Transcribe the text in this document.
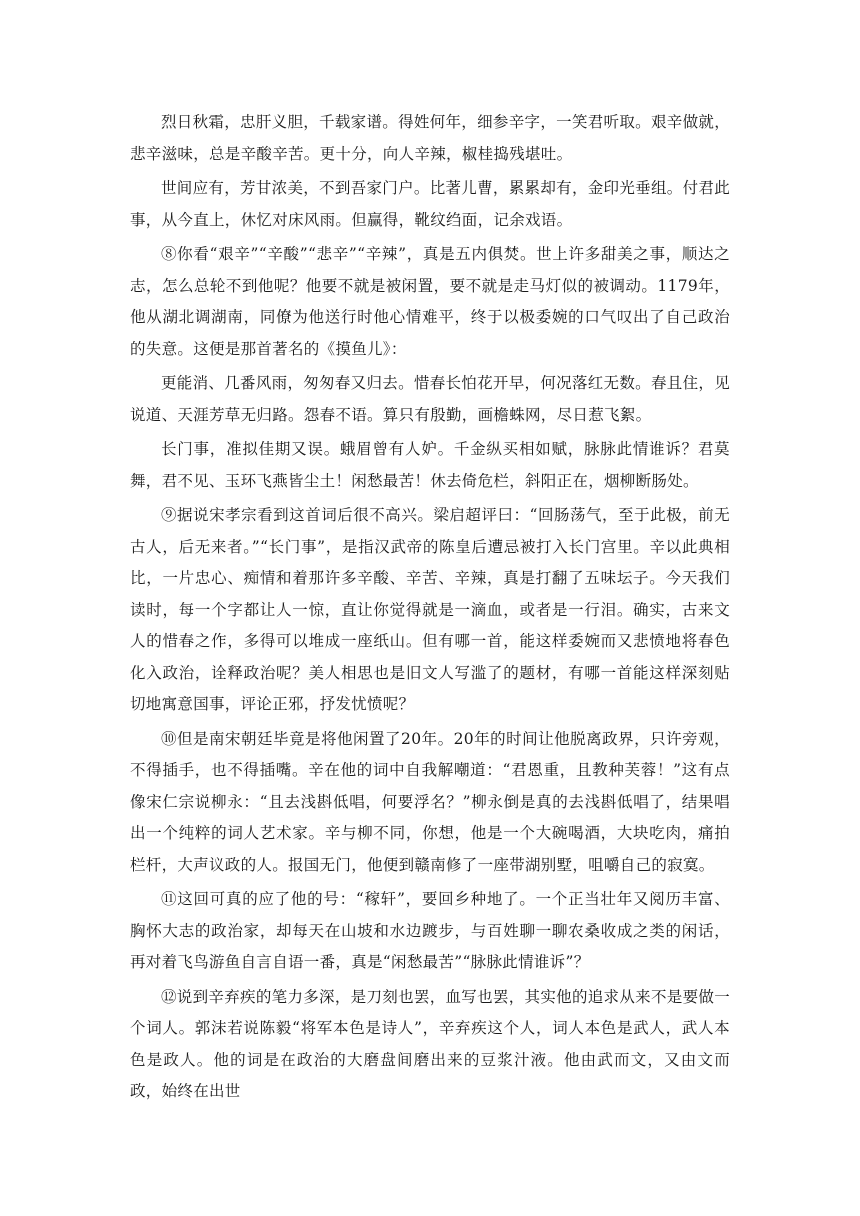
烈日秋霜，忠肝义胆，千载家谱。得姓何年，细参辛字，一笑君听取。艰辛做就，悲辛滋味，总是辛酸辛苦。更十分，向人辛辣，椒桂捣残堪吐。

世间应有，芳甘浓美，不到吾家门户。比著儿曹，累累却有，金印光垂组。付君此事，从今直上，休忆对床风雨。但赢得，靴纹绉面，记余戏语。

⑧你看“艰辛”“辛酸”“悲辛”“辛辣”，真是五内俱焚。世上许多甜美之事，顺达之志，怎么总轮不到他呢？他要不就是被闲置，要不就是走马灯似的被调动。1179年，他从湖北调湖南，同僚为他送行时他心情难平，终于以极委婉的口气叹出了自己政治的失意。这便是那首著名的《摸鱼儿》：

更能消、几番风雨，匆匆春又归去。惜春长怕花开早，何况落红无数。春且住，见说道、天涯芳草无归路。怨春不语。算只有殷勤，画檐蛛网，尽日惹飞絮。

长门事，准拟佳期又误。蛾眉曾有人妒。千金纵买相如赋，脉脉此情谁诉？君莫舞，君不见、玉环飞燕皆尘土！闲愁最苦！休去倚危栏，斜阳正在，烟柳断肠处。

⑨据说宋孝宗看到这首词后很不高兴。梁启超评曰：“回肠荡气，至于此极，前无古人，后无来者。”“长门事”，是指汉武帝的陈皇后遭忌被打入长门宫里。辛以此典相比，一片忠心、痴情和着那许多辛酸、辛苦、辛辣，真是打翻了五味坛子。今天我们读时，每一个字都让人一惊，直让你觉得就是一滴血，或者是一行泪。确实，古来文人的惜春之作，多得可以堆成一座纸山。但有哪一首，能这样委婉而又悲愤地将春色化入政治，诠释政治呢？美人相思也是旧文人写滥了的题材，有哪一首能这样深刻贴切地寓意国事，评论正邪，抒发忧愤呢？

⑩但是南宋朝廷毕竟是将他闲置了20年。20年的时间让他脱离政界，只许旁观，不得插手，也不得插嘴。辛在他的词中自我解嘲道：“君恩重，且教种芙蓉！”这有点像宋仁宗说柳永：“且去浅斟低唱，何要浮名？”柳永倒是真的去浅斟低唱了，结果唱出一个纯粹的词人艺术家。辛与柳不同，你想，他是一个大碗喝酒，大块吃肉，痛拍栏杆，大声议政的人。报国无门，他便到赣南修了一座带湖别墅，咀嚼自己的寂寞。

⑪这回可真的应了他的号：“稼轩”，要回乡种地了。一个正当壮年又阅历丰富、胸怀大志的政治家，却每天在山坡和水边踱步，与百姓聊一聊农桑收成之类的闲话，再对着飞鸟游鱼自言自语一番，真是“闲愁最苦”“脉脉此情谁诉”？

⑫说到辛弃疾的笔力多深，是刀刻也罢，血写也罢，其实他的追求从来不是要做一个词人。郭沫若说陈毅“将军本色是诗人”，辛弃疾这个人，词人本色是武人，武人本色是政人。他的词是在政治的大磨盘间磨出来的豆浆汁液。他由武而文，又由文而政，始终在出世
